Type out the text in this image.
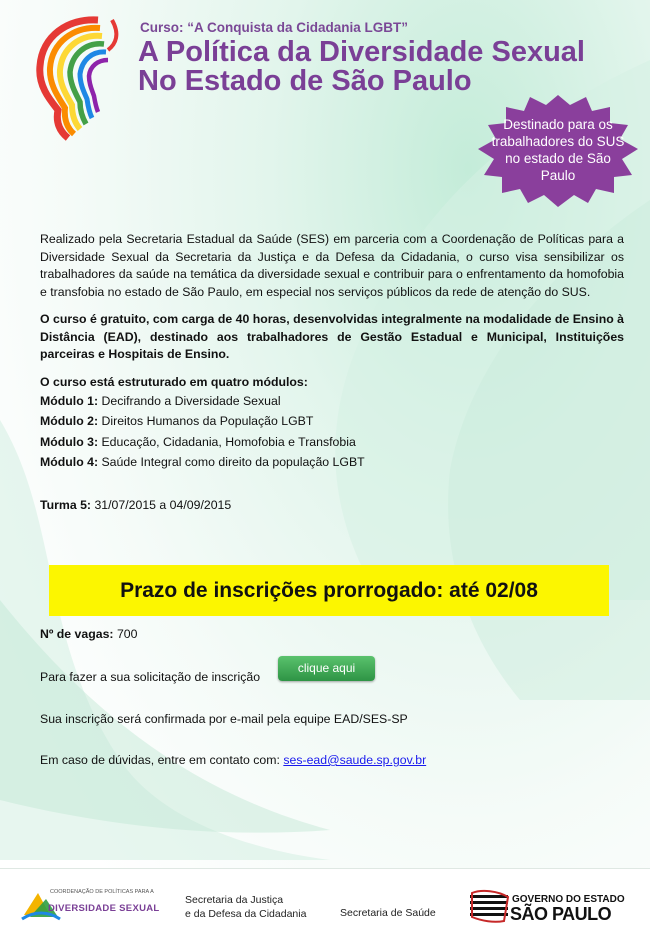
Curso: “A Conquista da Cidadania LGBT”
A Política da Diversidade Sexual No Estado de São Paulo
Destinado para os trabalhadores do SUS no estado de São Paulo

Realizado pela Secretaria Estadual da Saúde (SES) em parceria com a Coordenação de Políticas para a Diversidade Sexual da Secretaria da Justiça e da Defesa da Cidadania, o curso visa sensibilizar os trabalhadores da saúde na temática da diversidade sexual e contribuir para o enfrentamento da homofobia e transfobia no estado de São Paulo, em especial nos serviços públicos da rede de atenção do SUS.

O curso é gratuito, com carga de 40 horas, desenvolvidas integralmente na modalidade de Ensino à Distância (EAD), destinado aos trabalhadores de Gestão Estadual e Municipal, Instituições parceiras e Hospitais de Ensino.

O curso está estruturado em quatro módulos:

Módulo 1: Decifrando a Diversidade Sexual

Módulo 2: Direitos Humanos da População LGBT

Módulo 3: Educação, Cidadania, Homofobia e Transfobia

Módulo 4: Saúde Integral como direito da população LGBT

Turma 5: 31/07/2015 a 04/09/2015

Prazo de inscrições prorrogado: até 02/08
Nº de vagas: 700
Para fazer a sua solicitação de inscrição
clique aqui
Sua inscrição será confirmada por e-mail pela equipe EAD/SES-SP
Em caso de dúvidas, entre em contato com: ses-ead@saude.sp.gov.br
COORDENAÇÃO DE POLÍTICAS PARA A
DIVERSIDADE SEXUAL
Secretaria da Justiça
e da Defesa da Cidadania	Secretaria de Saúde
GOVERNO DO ESTADO
SÃO PAULO
